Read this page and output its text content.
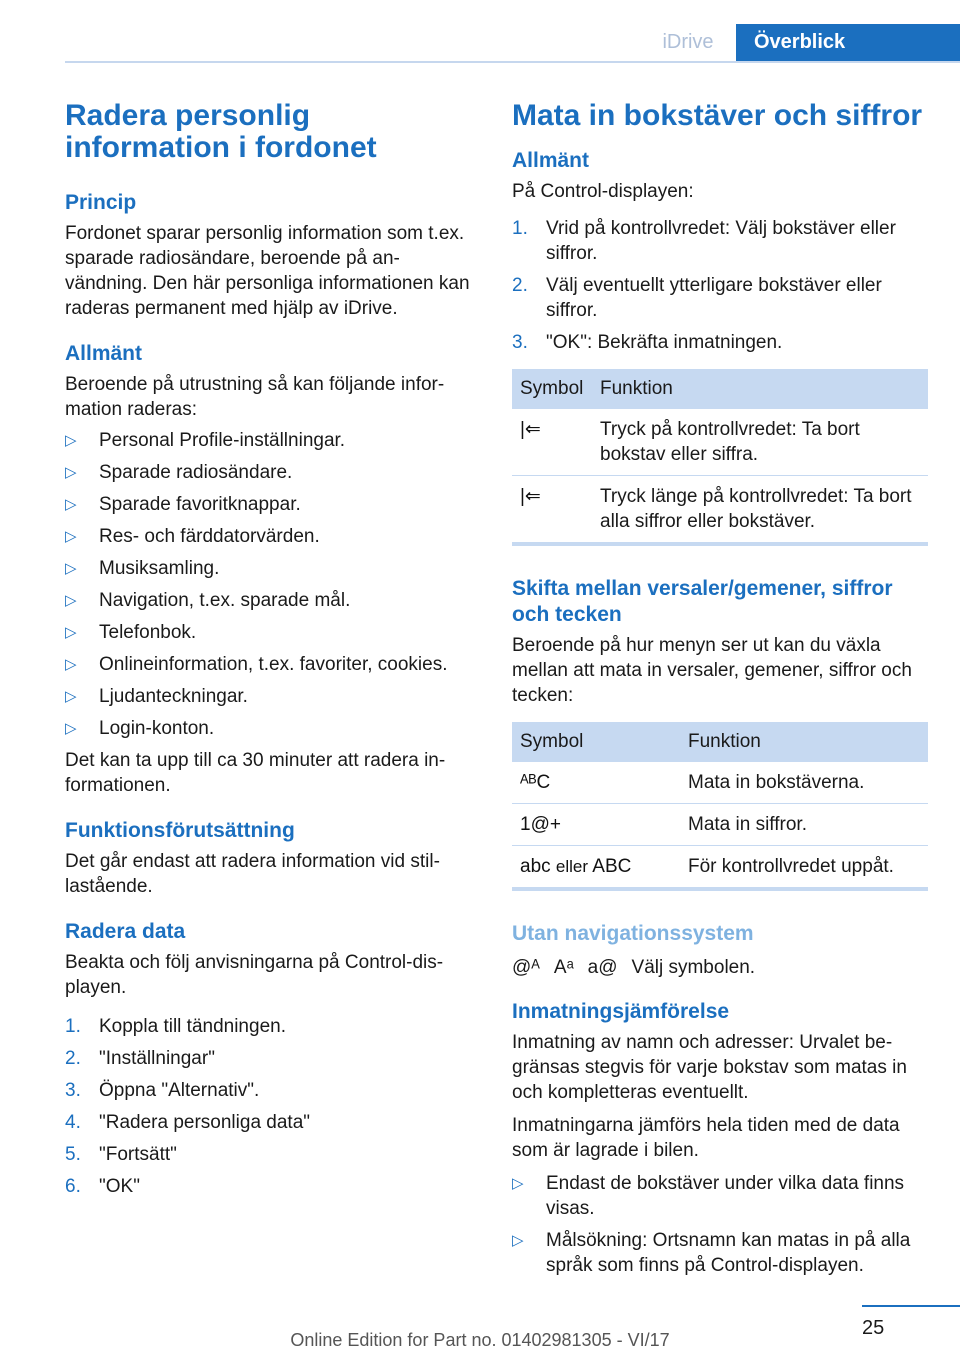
iDrive	Överblick
Radera personlig information i fordonet
Princip

Fordonet sparar personlig information som t.ex. sparade radiosändare, beroende på an-vändning. Den här personliga informationen kan raderas permanent med hjälp av iDrive.

Allmänt

Beroende på utrustning så kan följande infor-mation raderas:

▷ Personal Profile-inställningar.
▷ Sparade radiosändare.
▷ Sparade favoritknappar.
▷ Res- och färddatorvärden.
▷ Musiksamling.
▷ Navigation, t.ex. sparade mål.
▷ Telefonbok.
▷ Onlineinformation, t.ex. favoriter, cookies.
▷ Ljudanteckningar.
▷ Login-konton.

Det kan ta upp till ca 30 minuter att radera in-formationen.

Funktionsförutsättning

Det går endast att radera information vid stil-lastående.

Radera data

Beakta och följ anvisningarna på Control-dis-playen.

1. Koppla till tändningen.
2. "Inställningar"
3. Öppna "Alternativ".
4. "Radera personliga data"
5. "Fortsätt"
6. "OK"
Mata in bokstäver och siffror
Allmänt

På Control-displayen:

1. Vrid på kontrollvredet: Välj bokstäver eller siffror.
2. Välj eventuellt ytterligare bokstäver eller siffror.
3. "OK": Bekräfta inmatningen.
Symbol	Funktion
|⇐	Tryck på kontrollvredet: Ta bort bokstav eller siffra.
|⇐	Tryck länge på kontrollvredet: Ta bort alla siffror eller bokstäver.
Skifta mellan versaler/gemener, siffror och tecken

Beroende på hur menyn ser ut kan du växla mellan att mata in versaler, gemener, siffror och tecken:

Symbol	Funktion
ᴬᴮC	Mata in bokstäverna.
1@+	Mata in siffror.
abc eller ABC	För kontrollvredet uppåt.
Utan navigationssystem
@ᴬ Aᵃ a@ Välj symbolen.
Inmatningsjämförelse

Inmatning av namn och adresser: Urvalet be-gränsas stegvis för varje bokstav som matas in och kompletteras eventuellt.

Inmatningarna jämförs hela tiden med de data som är lagrade i bilen.

▷ Endast de bokstäver under vilka data finns visas.
▷ Målsökning: Ortsnamn kan matas in på alla språk som finns på Control-displayen.
25
Online Edition for Part no. 01402981305 - VI/17
